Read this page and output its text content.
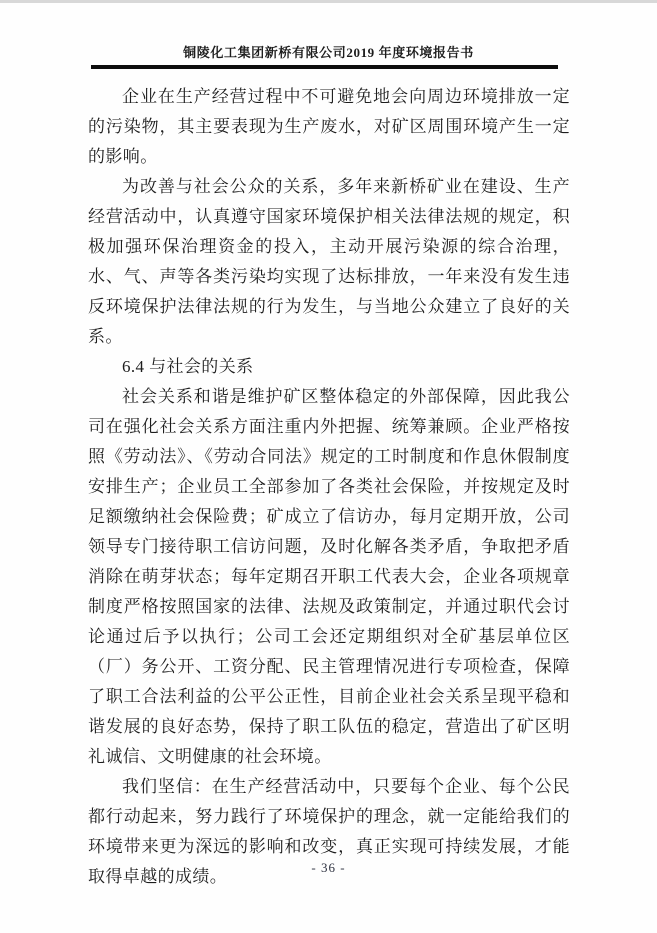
铜陵化工集团新桥有限公司2019 年度环境报告书

企业在生产经营过程中不可避免地会向周边环境排放一定的污染物，其主要表现为生产废水，对矿区周围环境产生一定的影响。

为改善与社会公众的关系，多年来新桥矿业在建设、生产经营活动中，认真遵守国家环境保护相关法律法规的规定，积极加强环保治理资金的投入，主动开展污染源的综合治理，水、气、声等各类污染均实现了达标排放，一年来没有发生违反环境保护法律法规的行为发生，与当地公众建立了良好的关系。

6.4 与社会的关系

社会关系和谐是维护矿区整体稳定的外部保障，因此我公司在强化社会关系方面注重内外把握、统筹兼顾。企业严格按照《劳动法》、《劳动合同法》规定的工时制度和作息休假制度安排生产；企业员工全部参加了各类社会保险，并按规定及时足额缴纳社会保险费；矿成立了信访办，每月定期开放，公司领导专门接待职工信访问题，及时化解各类矛盾，争取把矛盾消除在萌芽状态；每年定期召开职工代表大会，企业各项规章制度严格按照国家的法律、法规及政策制定，并通过职代会讨论通过后予以执行；公司工会还定期组织对全矿基层单位区（厂）务公开、工资分配、民主管理情况进行专项检查，保障了职工合法利益的公平公正性，目前企业社会关系呈现平稳和谐发展的良好态势，保持了职工队伍的稳定，营造出了矿区明礼诚信、文明健康的社会环境。

我们坚信：在生产经营活动中，只要每个企业、每个公民都行动起来，努力践行了环境保护的理念，就一定能给我们的环境带来更为深远的影响和改变，真正实现可持续发展，才能取得卓越的成绩。	- 36 -
